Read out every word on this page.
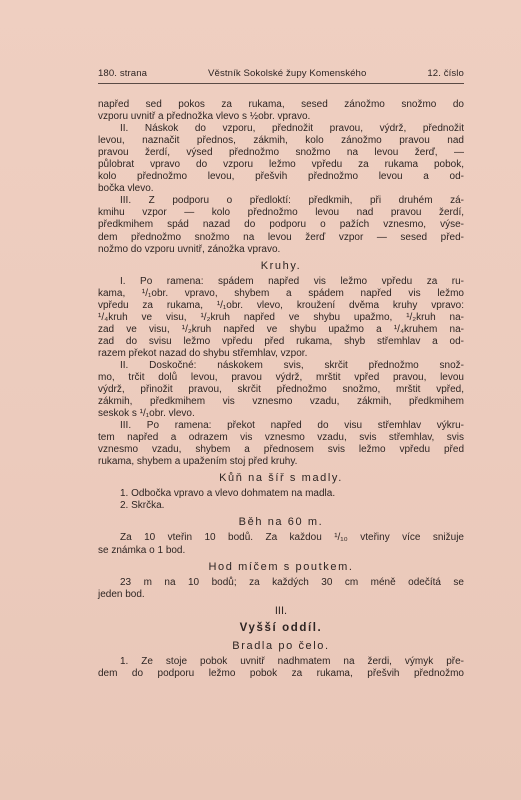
180. strana	Věstník Sokolské župy Komenského	12. číslo
napřed sed pokos za rukama, sesed zánožmo snožmo do
vzporu uvnitř a přednožka vlevo s ½obr. vpravo.
II. Náskok do vzporu, přednožit pravou, výdrž, přednožit
levou, naznačit přednos, zákmih, kolo zánožmo pravou nad
pravou žerdí, výsed přednožmo snožmo na levou žerď, —
půlobrat vpravo do vzporu ležmo vpředu za rukama pobok,
kolo přednožmo levou, přešvih přednožmo levou a od-
bočka vlevo.
III. Z podporu o předloktí: předkmih, při druhém zá-
kmihu vzpor — kolo přednožmo levou nad pravou žerdí,
předkmihem spád nazad do podporu o pažích vznesmo, výse-
dem přednožmo snožmo na levou žerď vzpor — sesed před-
nožmo do vzporu uvnitř, zánožka vpravo.
Kruhy.
I. Po ramena: spádem napřed vis ležmo vpředu za ru-
kama, ¹/₁obr. vpravo, shybem a spádem napřed vis ležmo
vpředu za rukama, ¹/₁obr. vlevo, kroužení dvěma kruhy vpravo:
¹/₄kruh ve visu, ¹/₂kruh napřed ve shybu upažmo, ¹/₂kruh na-
zad ve visu, ¹/₂kruh napřed ve shybu upažmo a ¹/₄kruhem na-
zad do svisu ležmo vpředu před rukama, shyb střemhlav a od-
razem překot nazad do shybu střemhlav, vzpor.
II. Doskočné: náskokem svis, skrčit přednožmo snož-
mo, trčit dolů levou, pravou výdrž, mrštit vpřed pravou, levou
výdrž, přinožit pravou, skrčit přednožmo snožmo, mrštit vpřed,
zákmih, předkmihem vis vznesmo vzadu, zákmih, předkmihem
seskok s ¹/₁obr. vlevo.
III. Po ramena: překot napřed do visu střemhlav výkru-
tem napřed a odrazem vis vznesmo vzadu, svis střemhlav, svis
vznesmo vzadu, shybem a přednosem svis ležmo vpředu před
rukama, shybem a upažením stoj před kruhy.
Kůň na šíř s madly.
1. Odbočka vpravo a vlevo dohmatem na madla.
2. Skrčka.
Běh na 60 m.
Za 10 vteřin 10 bodů. Za každou ¹/₁₀ vteřiny více snižuje
se známka o 1 bod.
Hod míčem s poutkem.
23 m na 10 bodů; za každých 30 cm méně odečítá se
jeden bod.
III.
Vyšší oddíl.
Bradla po čelo.
1. Ze stoje pobok uvnitř nadhmatem na žerdi, výmyk pře-
dem do podporu ležmo pobok za rukama, přešvih přednožmo
